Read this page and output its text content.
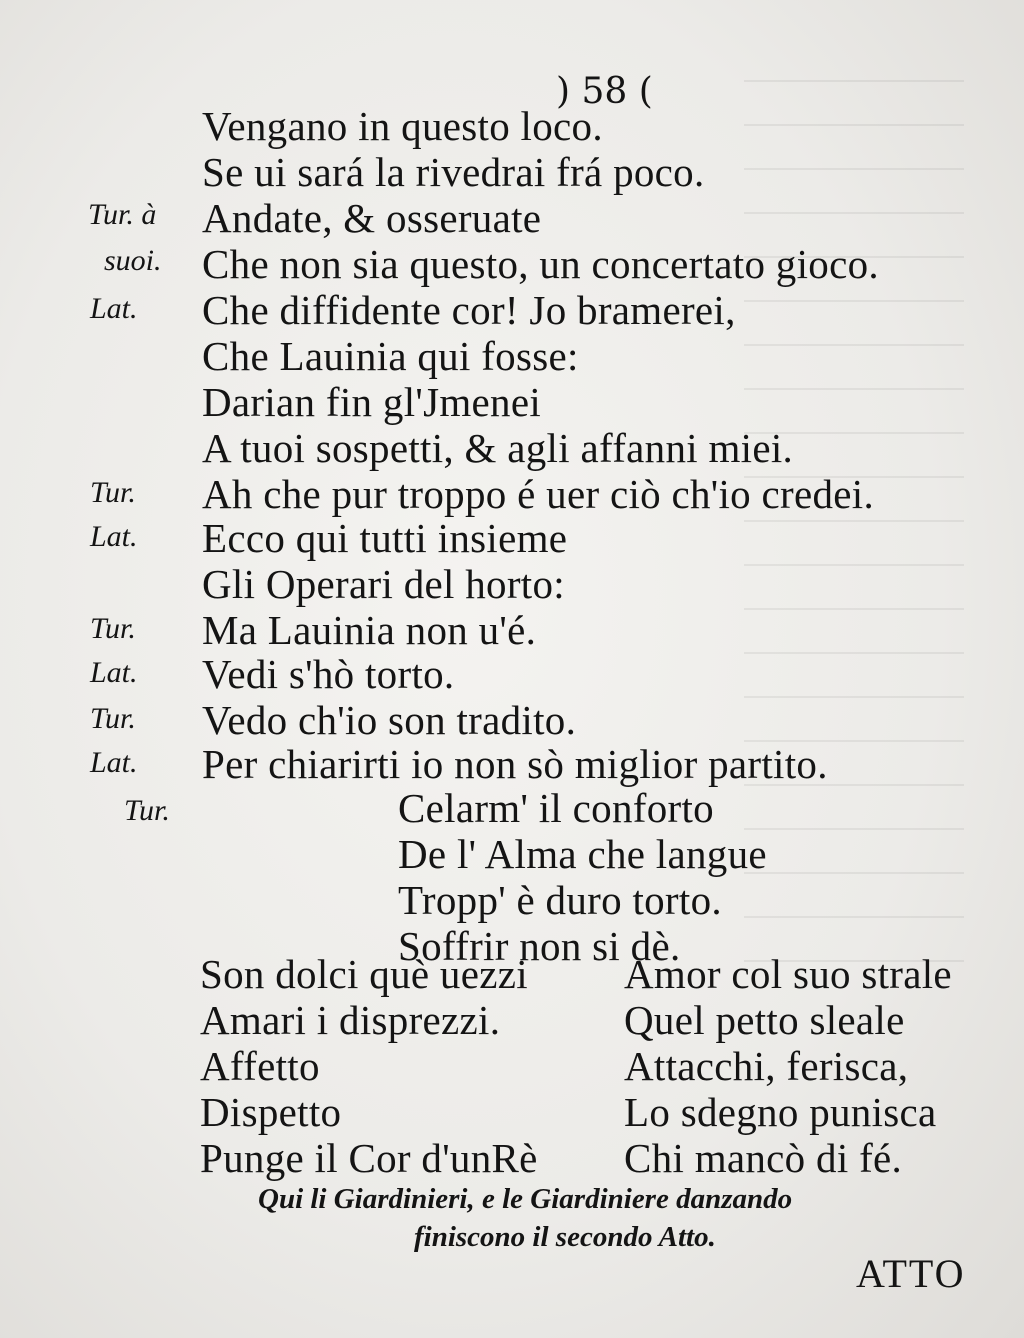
) 58 (
Vengano in questo loco.
Se ui sará la rivedrai frá poco.
Tur. à Andate, & osseruate
suoi. Che non sia questo, un concertato gioco.
Lat. Che diffidente cor! Jo bramerei,
Che Lauinia qui fosse:
Darian fin gl'Jmenei
A tuoi sospetti, & agli affanni miei.
Tur. Ah che pur troppo é uer ciò ch'io credei.
Lat. Ecco qui tutti insieme
Gli Operari del horto:
Tur. Ma Lauinia non u'é.
Lat. Vedi s'hò torto.
Tur. Vedo ch'io son tradito.
Lat. Per chiarirti io non sò miglior partito.
Tur.	Celarm' il conforto
De l' Alma che langue
Tropp' è duro torto.
Soffrir non si dè.
Son dolci què uezzi
Amari i disprezzi.
Affetto
Dispetto
Punge il Cor d'unRè
Amor col suo strale
Quel petto sleale
Attacchi, ferisca,
Lo sdegno punisca
Chi mancò di fé.
Qui li Giardinieri, e le Giardiniere danzando
finiscono il secondo Atto.
ATTO
